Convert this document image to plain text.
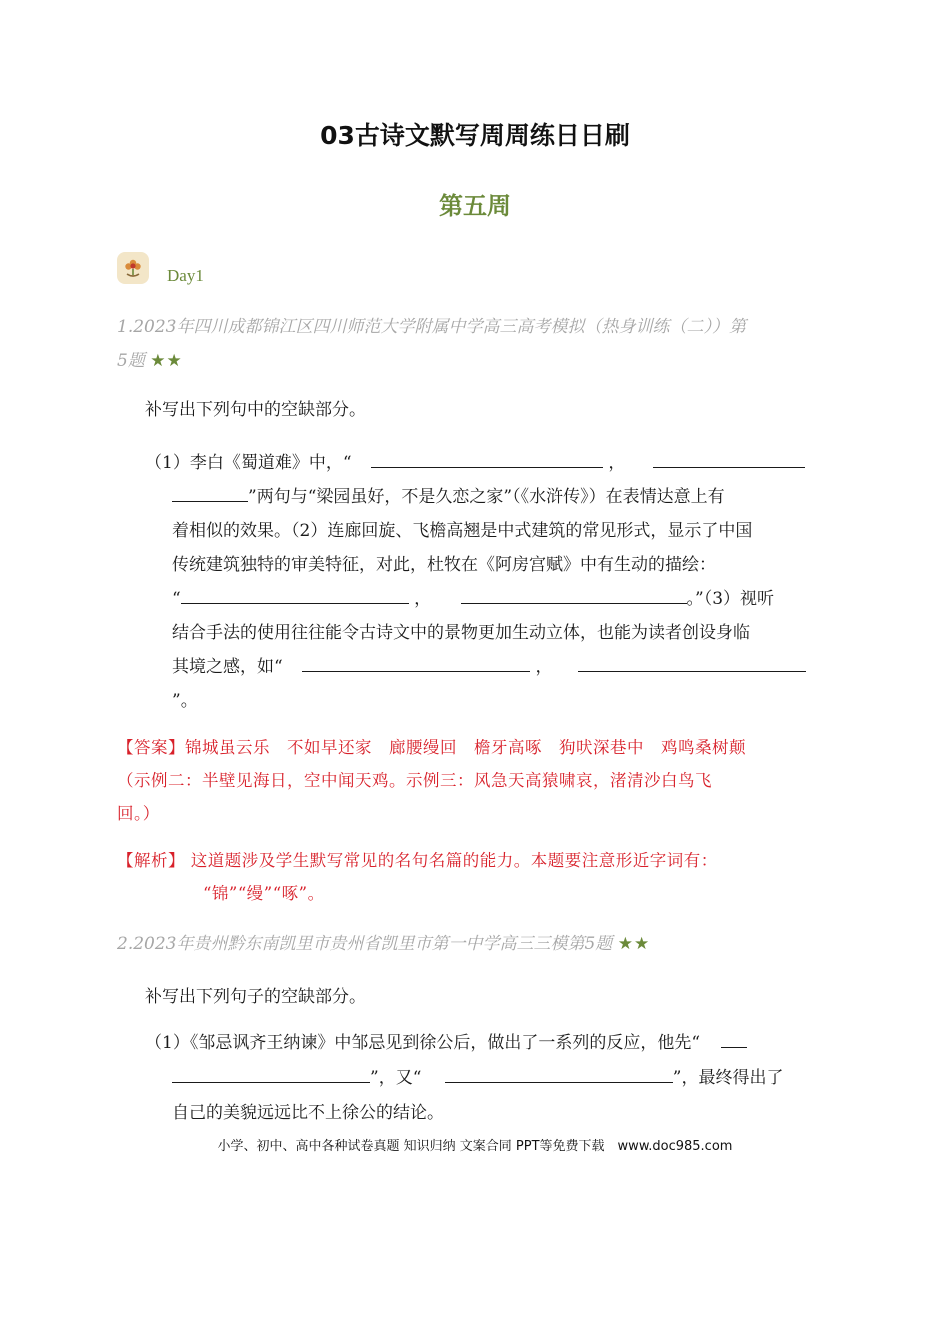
03古诗文默写周周练日日刷
第五周
Day1
1.2023年四川成都锦江区四川师范大学附属中学高三高考模拟（热身训练（二））第
5题 ★★
补写出下列句中的空缺部分。
（1）李白《蜀道难》中，“	，
”两句与“梁园虽好，不是久恋之家”（《水浒传》）在表情达意上有
着相似的效果。（2）连廊回旋、飞檐高翘是中式建筑的常见形式，显示了中国
传统建筑独特的审美特征，对此，杜牧在《阿房宫赋》中有生动的描绘：
“	，	。”（3）视听
结合手法的使用往往能令古诗文中的景物更加生动立体，也能为读者创设身临
其境之感，如“	，
”。
【答案】锦城虽云乐　不如早还家　廊腰缦回　檐牙高啄　狗吠深巷中　鸡鸣桑树颠
（示例二：半壁见海日，空中闻天鸡。示例三：风急天高猿啸哀，渚清沙白鸟飞
回。）
【解析】 这道题涉及学生默写常见的名句名篇的能力。本题要注意形近字词有：
“锦”“缦”“啄”。
2.2023年贵州黔东南凯里市贵州省凯里市第一中学高三三模第5题 ★★
补写出下列句子的空缺部分。
（1）《邹忌讽齐王纳谏》中邹忌见到徐公后，做出了一系列的反应，他先“
”，又“	”，最终得出了
自己的美貌远远比不上徐公的结论。
小学、初中、高中各种试卷真题 知识归纳 文案合同 PPT等免费下载　www.doc985.com
